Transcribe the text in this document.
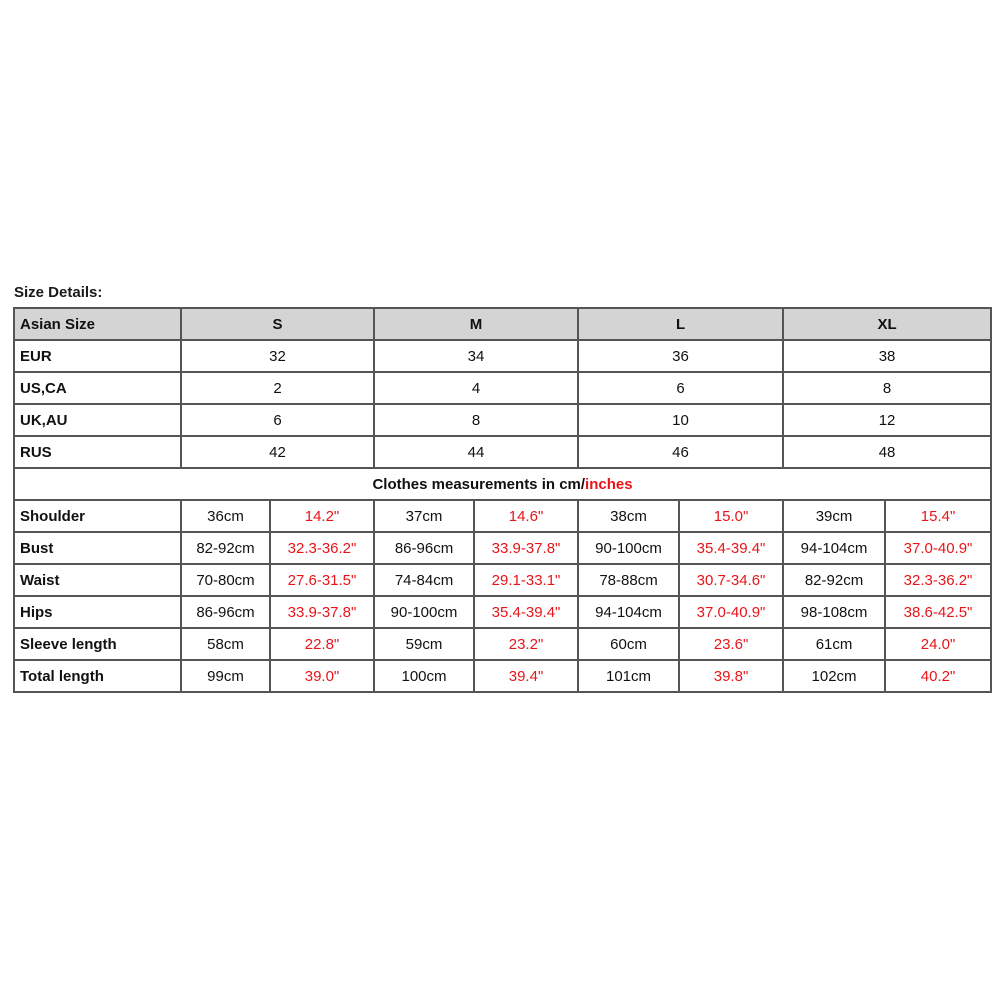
Size Details:
Asian Size	S		M		L		XL	
EUR	32		34		36		38	
US,CA	2		4		6		8	
UK,AU	6		8		10		12	
RUS	42		44		46		48	
Clothes measurements in cm/inches								
Shoulder	36cm	14.2"	37cm	14.6"	38cm	15.0"	39cm	15.4"
Bust	82-92cm	32.3-36.2"	86-96cm	33.9-37.8"	90-100cm	35.4-39.4"	94-104cm	37.0-40.9"
Waist	70-80cm	27.6-31.5"	74-84cm	29.1-33.1"	78-88cm	30.7-34.6"	82-92cm	32.3-36.2"
Hips	86-96cm	33.9-37.8"	90-100cm	35.4-39.4"	94-104cm	37.0-40.9"	98-108cm	38.6-42.5"
Sleeve length	58cm	22.8"	59cm	23.2"	60cm	23.6"	61cm	24.0"
Total length	99cm	39.0"	100cm	39.4"	101cm	39.8"	102cm	40.2"
